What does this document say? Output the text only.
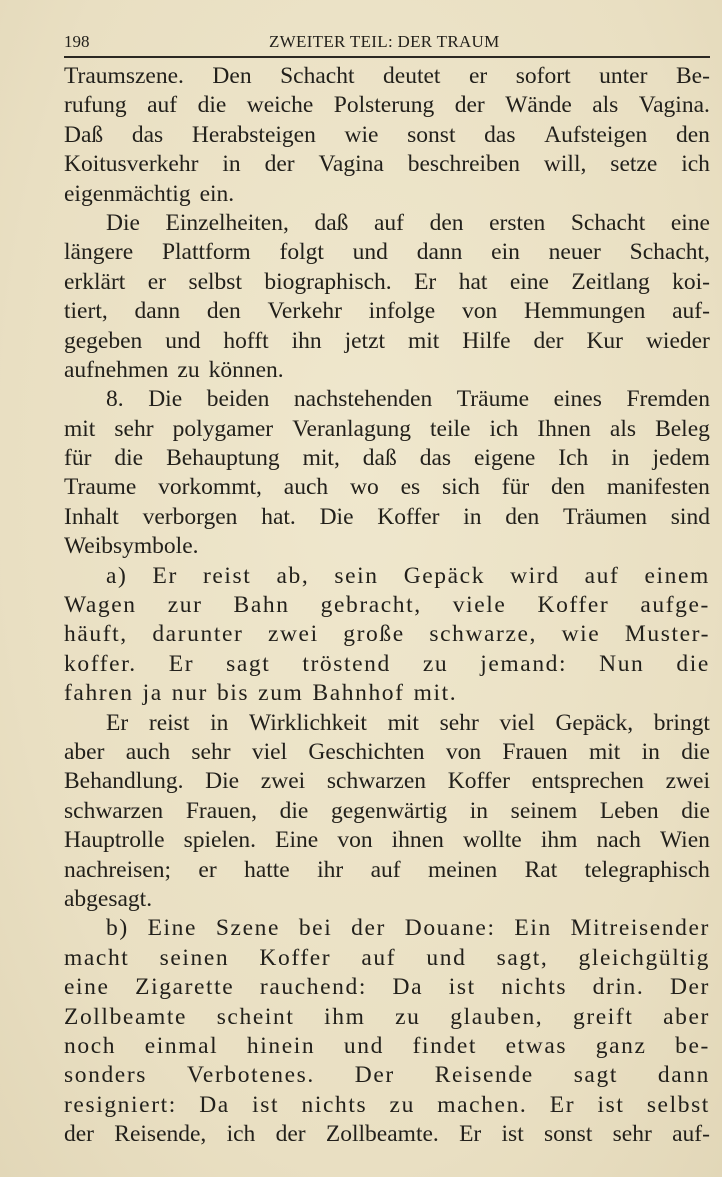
198	ZWEITER TEIL: DER TRAUM
Traumszene. Den Schacht deutet er sofort unter Be-
rufung auf die weiche Polsterung der Wände als Vagina.
Daß das Herabsteigen wie sonst das Aufsteigen den
Koitusverkehr in der Vagina beschreiben will, setze ich
eigenmächtig ein.
Die Einzelheiten, daß auf den ersten Schacht eine
längere Plattform folgt und dann ein neuer Schacht,
erklärt er selbst biographisch. Er hat eine Zeitlang koi-
tiert, dann den Verkehr infolge von Hemmungen auf-
gegeben und hofft ihn jetzt mit Hilfe der Kur wieder
aufnehmen zu können.
8. Die beiden nachstehenden Träume eines Fremden
mit sehr polygamer Veranlagung teile ich Ihnen als Beleg
für die Behauptung mit, daß das eigene Ich in jedem
Traume vorkommt, auch wo es sich für den manifesten
Inhalt verborgen hat. Die Koffer in den Träumen sind
Weibsymbole.
a) Er reist ab, sein Gepäck wird auf einem
Wagen zur Bahn gebracht, viele Koffer aufge-
häuft, darunter zwei große schwarze, wie Muster-
koffer. Er sagt tröstend zu jemand: Nun die
fahren ja nur bis zum Bahnhof mit.
Er reist in Wirklichkeit mit sehr viel Gepäck, bringt
aber auch sehr viel Geschichten von Frauen mit in die
Behandlung. Die zwei schwarzen Koffer entsprechen zwei
schwarzen Frauen, die gegenwärtig in seinem Leben die
Hauptrolle spielen. Eine von ihnen wollte ihm nach Wien
nachreisen; er hatte ihr auf meinen Rat telegraphisch
abgesagt.
b) Eine Szene bei der Douane: Ein Mitreisender
macht seinen Koffer auf und sagt, gleichgültig
eine Zigarette rauchend: Da ist nichts drin. Der
Zollbeamte scheint ihm zu glauben, greift aber
noch einmal hinein und findet etwas ganz be-
sonders Verbotenes. Der Reisende sagt dann
resigniert: Da ist nichts zu machen. Er ist selbst
der Reisende, ich der Zollbeamte. Er ist sonst sehr auf-
